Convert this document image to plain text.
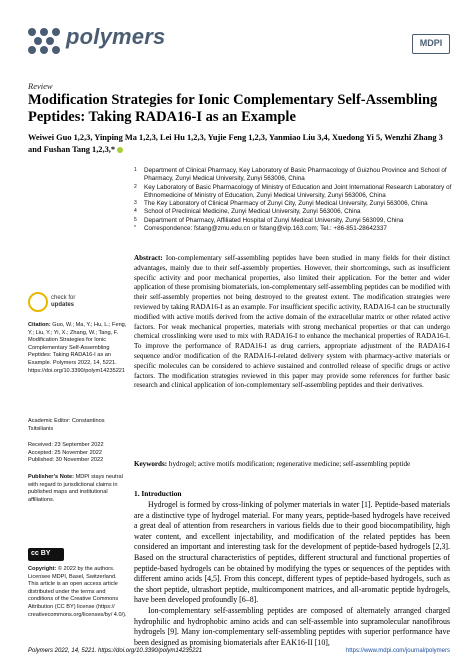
polymers	MDPI
Review
Modification Strategies for Ionic Complementary Self-Assembling Peptides: Taking RADA16-I as an Example
Weiwei Guo 1,2,3, Yinping Ma 1,2,3, Lei Hu 1,2,3, Yujie Feng 1,2,3, Yanmiao Liu 3,4, Xuedong Yi 5, Wenzhi Zhang 3 and Fushan Tang 1,2,3,*
1 Department of Clinical Pharmacy, Key Laboratory of Basic Pharmacology of Guizhou Province and School of Pharmacy, Zunyi Medical University, Zunyi 563006, China
2 Key Laboratory of Basic Pharmacology of Ministry of Education and Joint International Research Laboratory of Ethnomedicine of Ministry of Education, Zunyi Medical University, Zunyi 563006, China
3 The Key Laboratory of Clinical Pharmacy of Zunyi City, Zunyi Medical University, Zunyi 563006, China
4 School of Preclinical Medicine, Zunyi Medical University, Zunyi 563006, China
5 Department of Pharmacy, Affiliated Hospital of Zunyi Medical University, Zunyi 563099, China
* Correspondence: fstang@zmu.edu.cn or fstang@vip.163.com; Tel.: +86-851-28642337
Abstract: Ion-complementary self-assembling peptides have been studied in many fields for their distinct advantages, mainly due to their self-assembly properties. However, their shortcomings, such as insufficient specific activity and poor mechanical properties, also limited their application. For the better and wider application of these promising biomaterials, ion-complementary self-assembling peptides can be modified with their self-assembly properties not being destroyed to the greatest extent. The modification strategies were reviewed by taking RADA16-I as an example. For insufficient specific activity, RADA16-I can be structurally modified with active motifs derived from the active domain of the extracellular matrix or other related active factors. For weak mechanical properties, materials with strong mechanical properties or that can undergo chemical crosslinking were used to mix with RADA16-I to enhance the mechanical properties of RADA16-I. To improve the performance of RADA16-I as drug carriers, appropriate adjustment of the RADA16-I sequence and/or modification of the RADA16-I-related delivery system with pharmacy-active materials or specific molecules can be considered to achieve sustained and controlled release of specific drugs or active factors. The modification strategies reviewed in this paper may provide some references for further basic research and clinical application of ion-complementary self-assembling peptides and their derivatives.
Keywords: hydrogel; active motifs modification; regenerative medicine; self-assembling peptide
check for
updates
Citation: Guo, W.; Ma, Y.; Hu, L.; Feng, Y.; Liu, Y.; Yi, X.; Zhang, W.; Tang, F. Modification Strategies for Ionic Complementary Self-Assembling Peptides: Taking RADA16-I as an Example. Polymers 2022, 14, 5221. https://doi.org/10.3390/polym14235221
Academic Editor: Constantinos Tsitsilianis
Received: 23 September 2022
Accepted: 25 November 2022
Published: 30 November 2022
Publisher’s Note: MDPI stays neutral with regard to jurisdictional claims in published maps and institutional affiliations.
cc BY
Copyright: © 2022 by the authors. Licensee MDPI, Basel, Switzerland. This article is an open access article distributed under the terms and conditions of the Creative Commons Attribution (CC BY) license (https:// creativecommons.org/licenses/by/ 4.0/).
1. Introduction
Hydrogel is formed by cross-linking of polymer materials in water [1]. Peptide-based materials are a distinctive type of hydrogel material. For many years, peptide-based hydrogels have received a great deal of attention from researchers in various fields due to their good biocompatibility, high water content, and excellent injectability, and modification of the related peptides has been considered an important and interesting task for the development of peptide-based hydrogels [2,3]. Based on the structural characteristics of peptides, different structural and functional properties of peptide-based hydrogels can be obtained by modifying the types or sequences of the peptides with different amino acids [4,5]. From this concept, different types of peptide-based hydrogels, such as the short peptide, ultrashort peptide, multicomponent matrices, and all-aromatic peptide hydrogels, have been developed profoundly [6–8].
Ion-complementary self-assembling peptides are composed of alternately arranged charged hydrophilic and hydrophobic amino acids and can self-assemble into supramolecular nanofibrous hydrogels [9]. Many ion-complementary self-assembling peptides with superior performance have been designed as promising biomaterials after EAK16-II [10],
Polymers 2022, 14, 5221. https://doi.org/10.3390/polym14235221	https://www.mdpi.com/journal/polymers
